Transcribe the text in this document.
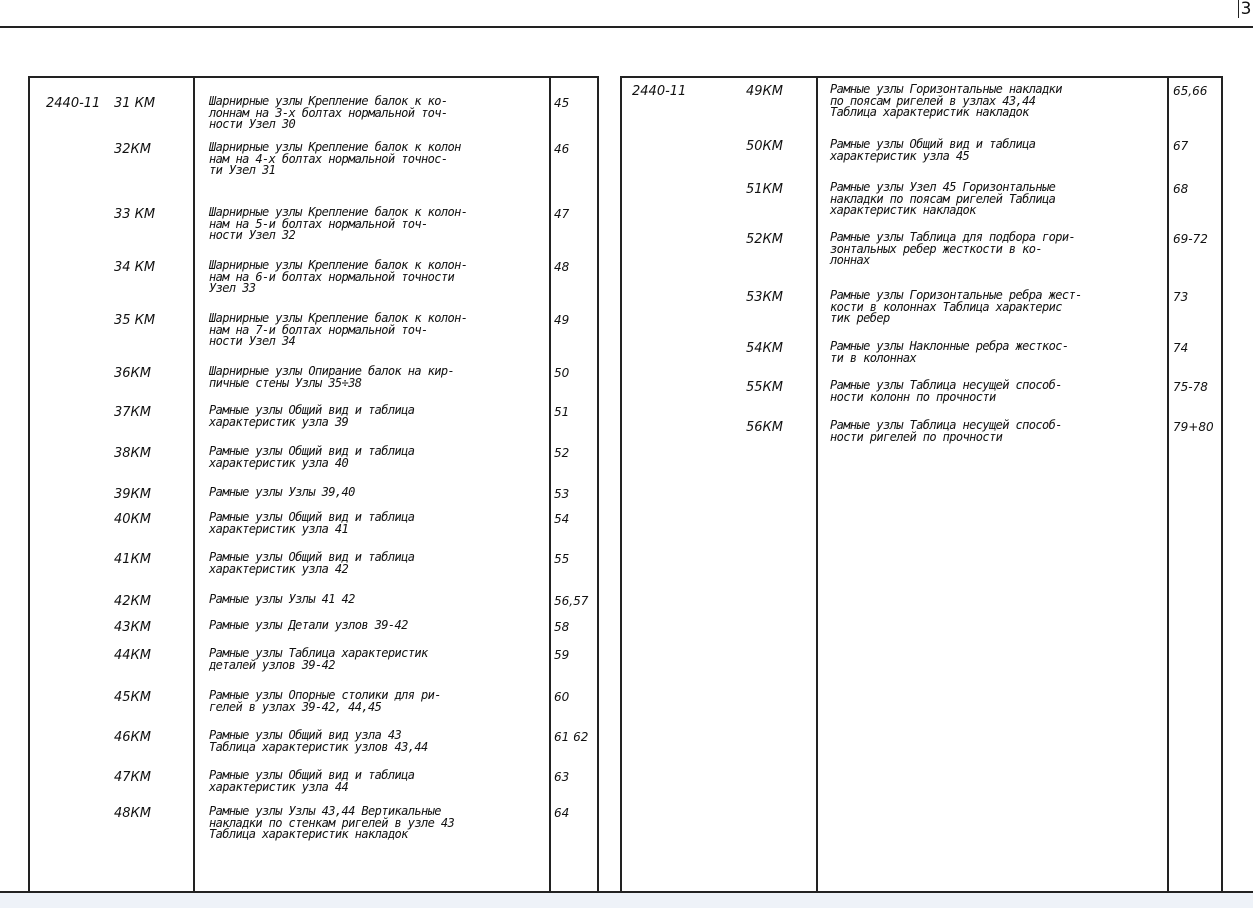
3
2440-11
2440-11
31 КМ	Шарнирные узлы Крепление балок к ко-
лоннам на 3-х болтах нормальной точ-
ности Узел 30
45
32КМ	Шарнирные узлы Крепление балок к колон
нам на 4-х болтах нормальной точнос-
ти Узел 31
46
33 КМ	Шарнирные узлы Крепление балок к колон-
нам на 5-и болтах нормальной точ-
ности Узел 32
47
34 КМ	Шарнирные узлы Крепление балок к колон-
нам на 6-и болтах нормальной точности
Узел 33
48
35 КМ	Шарнирные узлы Крепление балок к колон-
нам на 7-и болтах нормальной точ-
ности Узел 34
49
36КМ	Шарнирные узлы Опирание балок на кир-
пичные стены Узлы 35÷38
50
37КМ	Рамные узлы Общий вид и таблица
характеристик узла 39
51
38КМ	Рамные узлы Общий вид и таблица
характеристик узла 40
52
39КМ	Рамные узлы Узлы 39,40	53
40КМ	Рамные узлы Общий вид и таблица
характеристик узла 41
54
41КМ	Рамные узлы Общий вид и таблица
характеристик узла 42
55
42КМ	Рамные узлы Узлы 41 42	56,57
43КМ	Рамные узлы Детали узлов 39-42	58
44КМ	Рамные узлы Таблица характеристик
деталей узлов 39-42
59
45КМ	Рамные узлы Опорные столики для ри-
гелей в узлах 39-42, 44,45
60
46КМ	Рамные узлы Общий вид узла 43
Таблица характеристик узлов 43,44
61 62
47КМ	Рамные узлы Общий вид и таблица
характеристик узла 44
63
48КМ	Рамные узлы Узлы 43,44 Вертикальные
накладки по стенкам ригелей в узле 43
Таблица характеристик накладок
64
49КМ	Рамные узлы Горизонтальные накладки
по поясам ригелей в узлах 43,44
Таблица характеристик накладок
65,66
50КМ	Рамные узлы Общий вид и таблица
характеристик узла 45
67
51КМ	Рамные узлы Узел 45 Горизонтальные
накладки по поясам ригелей Таблица
характеристик накладок
68
52КМ	Рамные узлы Таблица для подбора гори-
зонтальных ребер жесткости в ко-
лоннах
69-72
53КМ	Рамные узлы Горизонтальные ребра жест-
кости в колоннах Таблица характерис
тик ребер
73
54КМ	Рамные узлы Наклонные ребра жесткос-
ти в колоннах
74
55КМ	Рамные узлы Таблица несущей способ-
ности колонн по прочности
75-78
56КМ	Рамные узлы Таблица несущей способ-
ности ригелей по прочности
79+80
